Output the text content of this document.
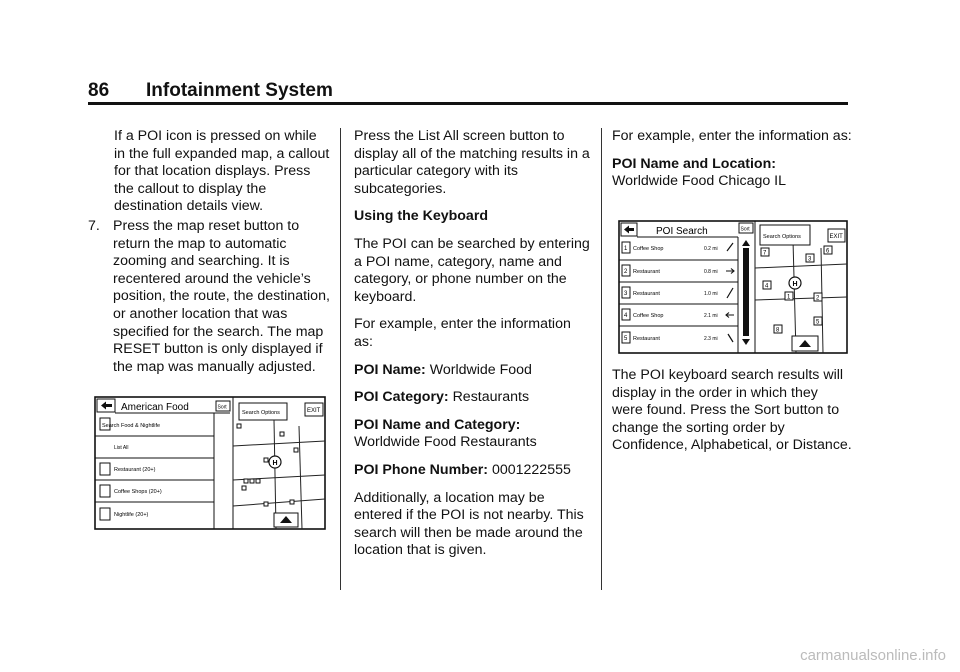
86 Infotainment System

If a POI icon is pressed on while in the full expanded map, a callout for that location displays. Press the callout to display the destination details view.

7. Press the map reset button to return the map to automatic zooming and searching. It is recentered around the vehicle’s position, the route, the destination, or another location that was specified for the search. The map RESET button is only displayed if the map was manually adjusted.

American Food	Sort
Search Options	EXIT
Search Food & Nightlife
List All
Restaurant (20+)
Coffee Shops (20+)
Nightlife (20+)
H

Press the List All screen button to display all of the matching results in a particular category with its subcategories.

Using the Keyboard

The POI can be searched by entering a POI name, category, name and category, or phone number on the keyboard.

For example, enter the information as:

POI Name: Worldwide Food

POI Category: Restaurants

POI Name and Category:
Worldwide Food Restaurants

POI Phone Number: 0001222555

Additionally, a location may be entered if the POI is not nearby. This search will then be made around the location that is given.

For example, enter the information as:

POI Name and Location:
Worldwide Food Chicago IL

POI Search	Sort
1 Coffee Shop	0.2 mi
2 Restaurant	0.8 mi
3 Restaurant	1.0 mi
4 Coffee Shop	2.1 mi
5 Restaurant	2.3 mi
Search Options	EXIT
7
3
6
4
1	2
8
5
H

The POI keyboard search results will display in the order in which they were found. Press the Sort button to change the sorting order by Confidence, Alphabetical, or Distance.

carmanualsonline.info
